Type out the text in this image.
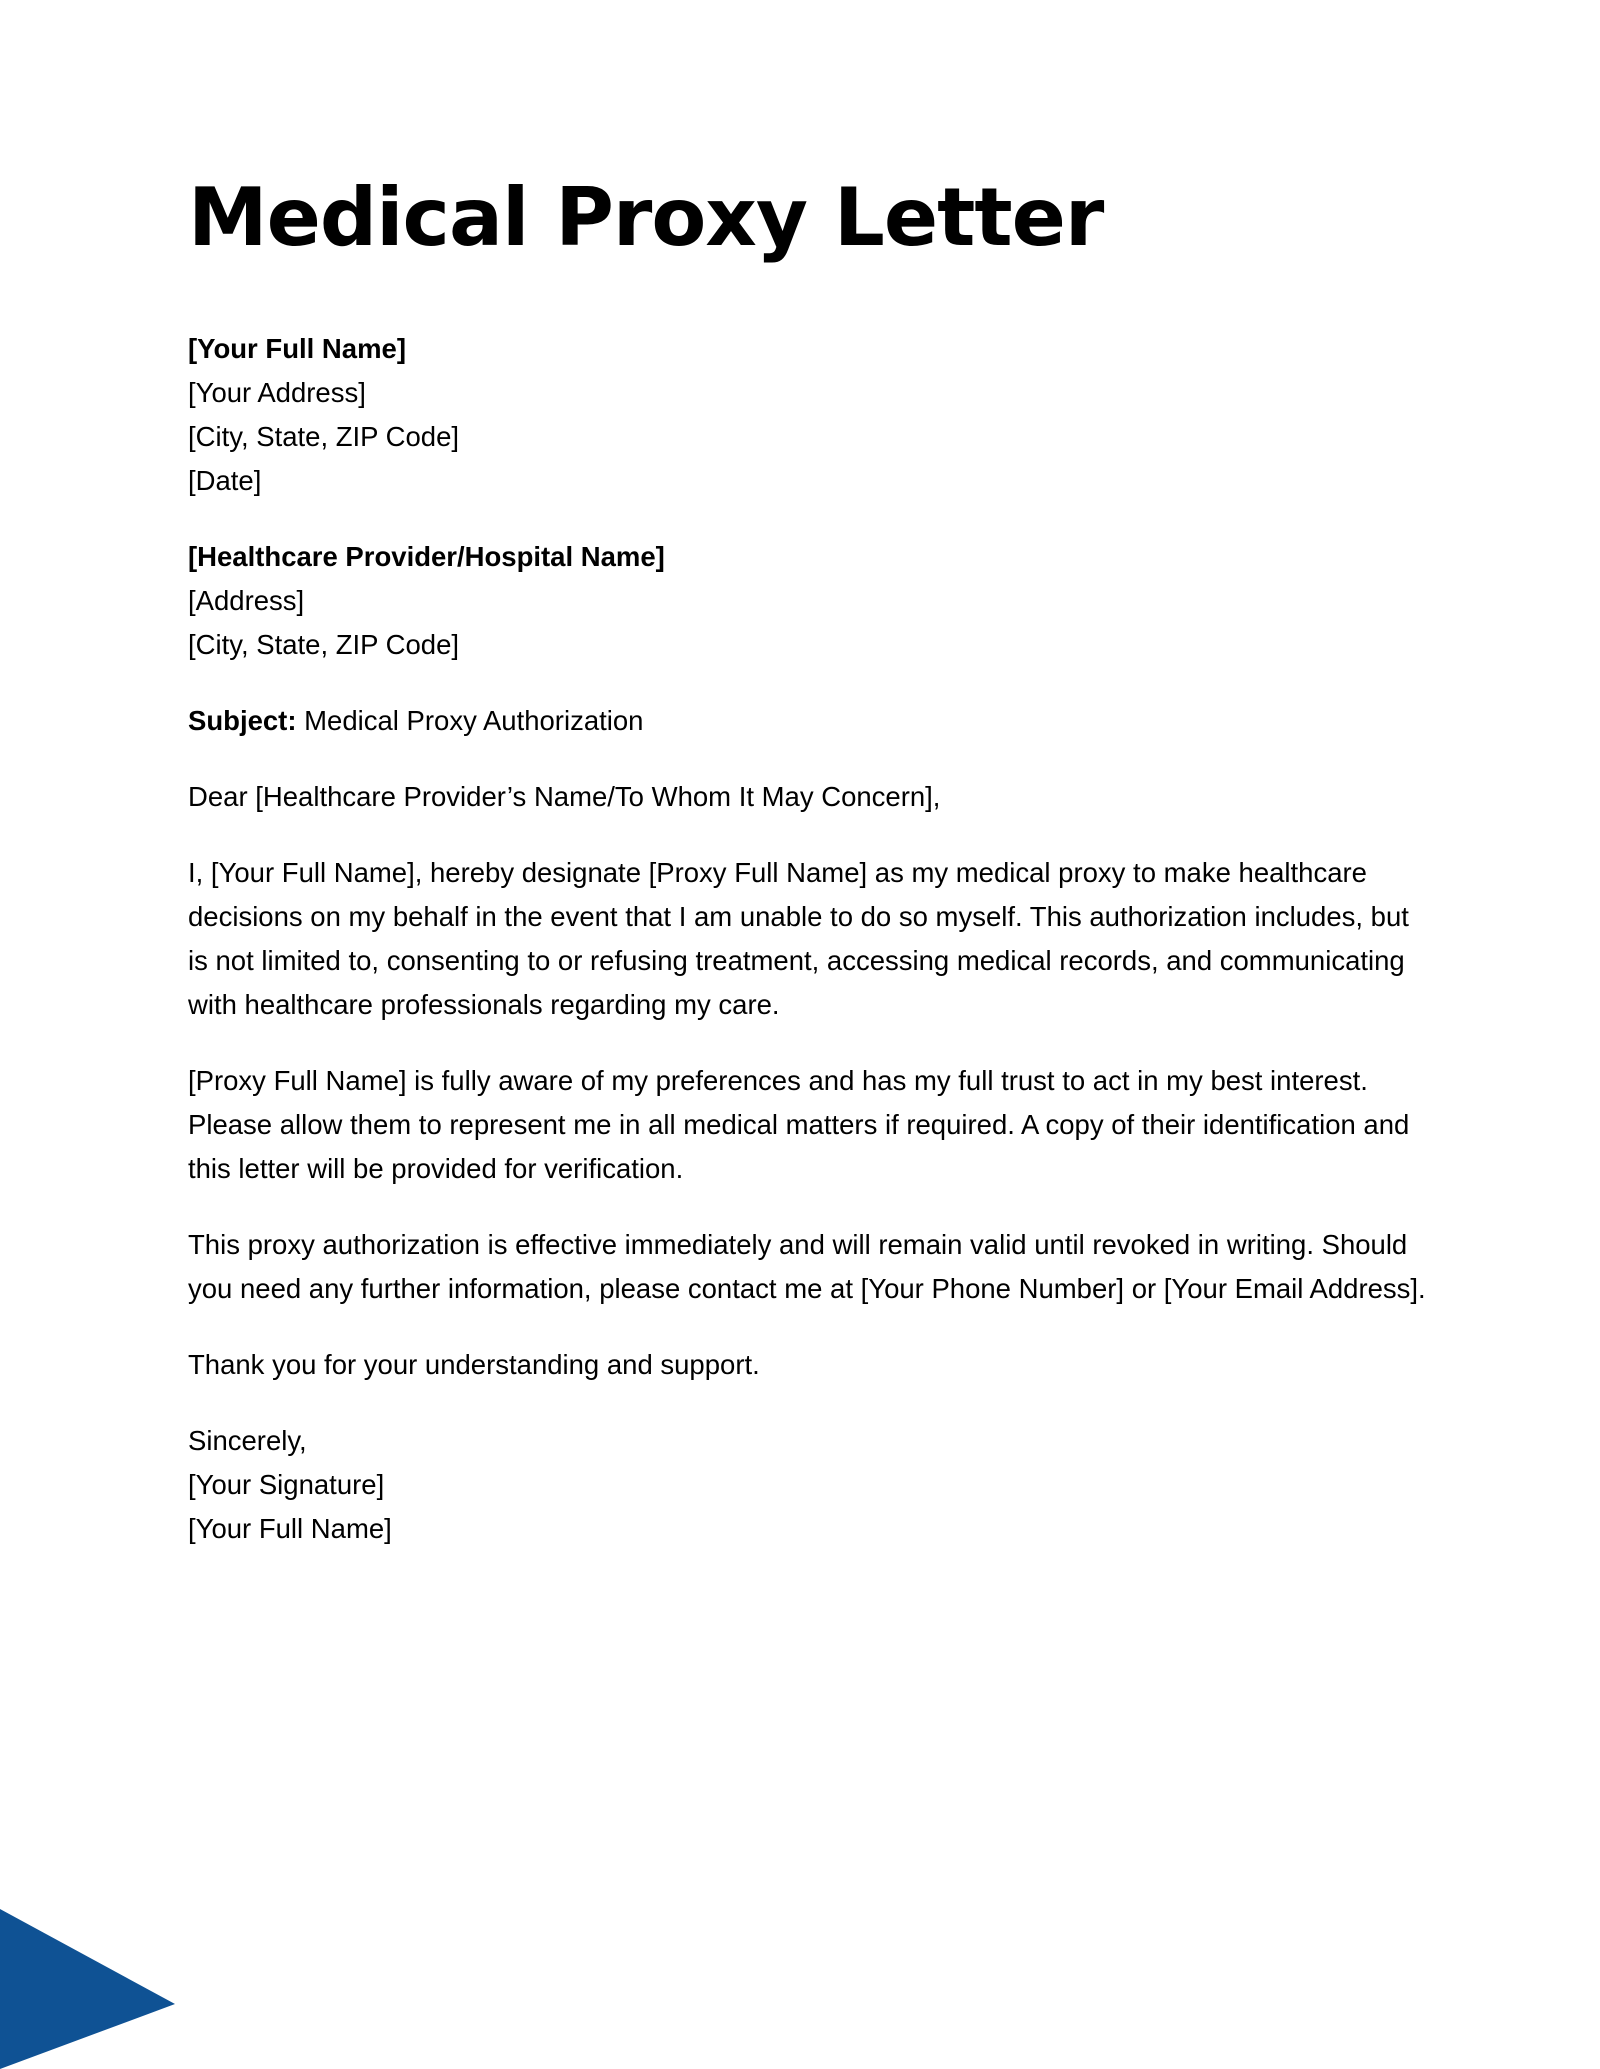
Medical Proxy Letter
[Your Full Name]
[Your Address]
[City, State, ZIP Code]
[Date]
[Healthcare Provider/Hospital Name]
[Address]
[City, State, ZIP Code]
Subject: Medical Proxy Authorization

Dear [Healthcare Provider’s Name/To Whom It May Concern],

I, [Your Full Name], hereby designate [Proxy Full Name] as my medical proxy to make healthcare decisions on my behalf in the event that I am unable to do so myself. This authorization includes, but is not limited to, consenting to or refusing treatment, accessing medical records, and communicating with healthcare professionals regarding my care.

[Proxy Full Name] is fully aware of my preferences and has my full trust to act in my best interest. Please allow them to represent me in all medical matters if required. A copy of their identification and this letter will be provided for verification.

This proxy authorization is effective immediately and will remain valid until revoked in writing. Should you need any further information, please contact me at [Your Phone Number] or [Your Email Address].

Thank you for your understanding and support.

Sincerely,
[Your Signature]
[Your Full Name]
